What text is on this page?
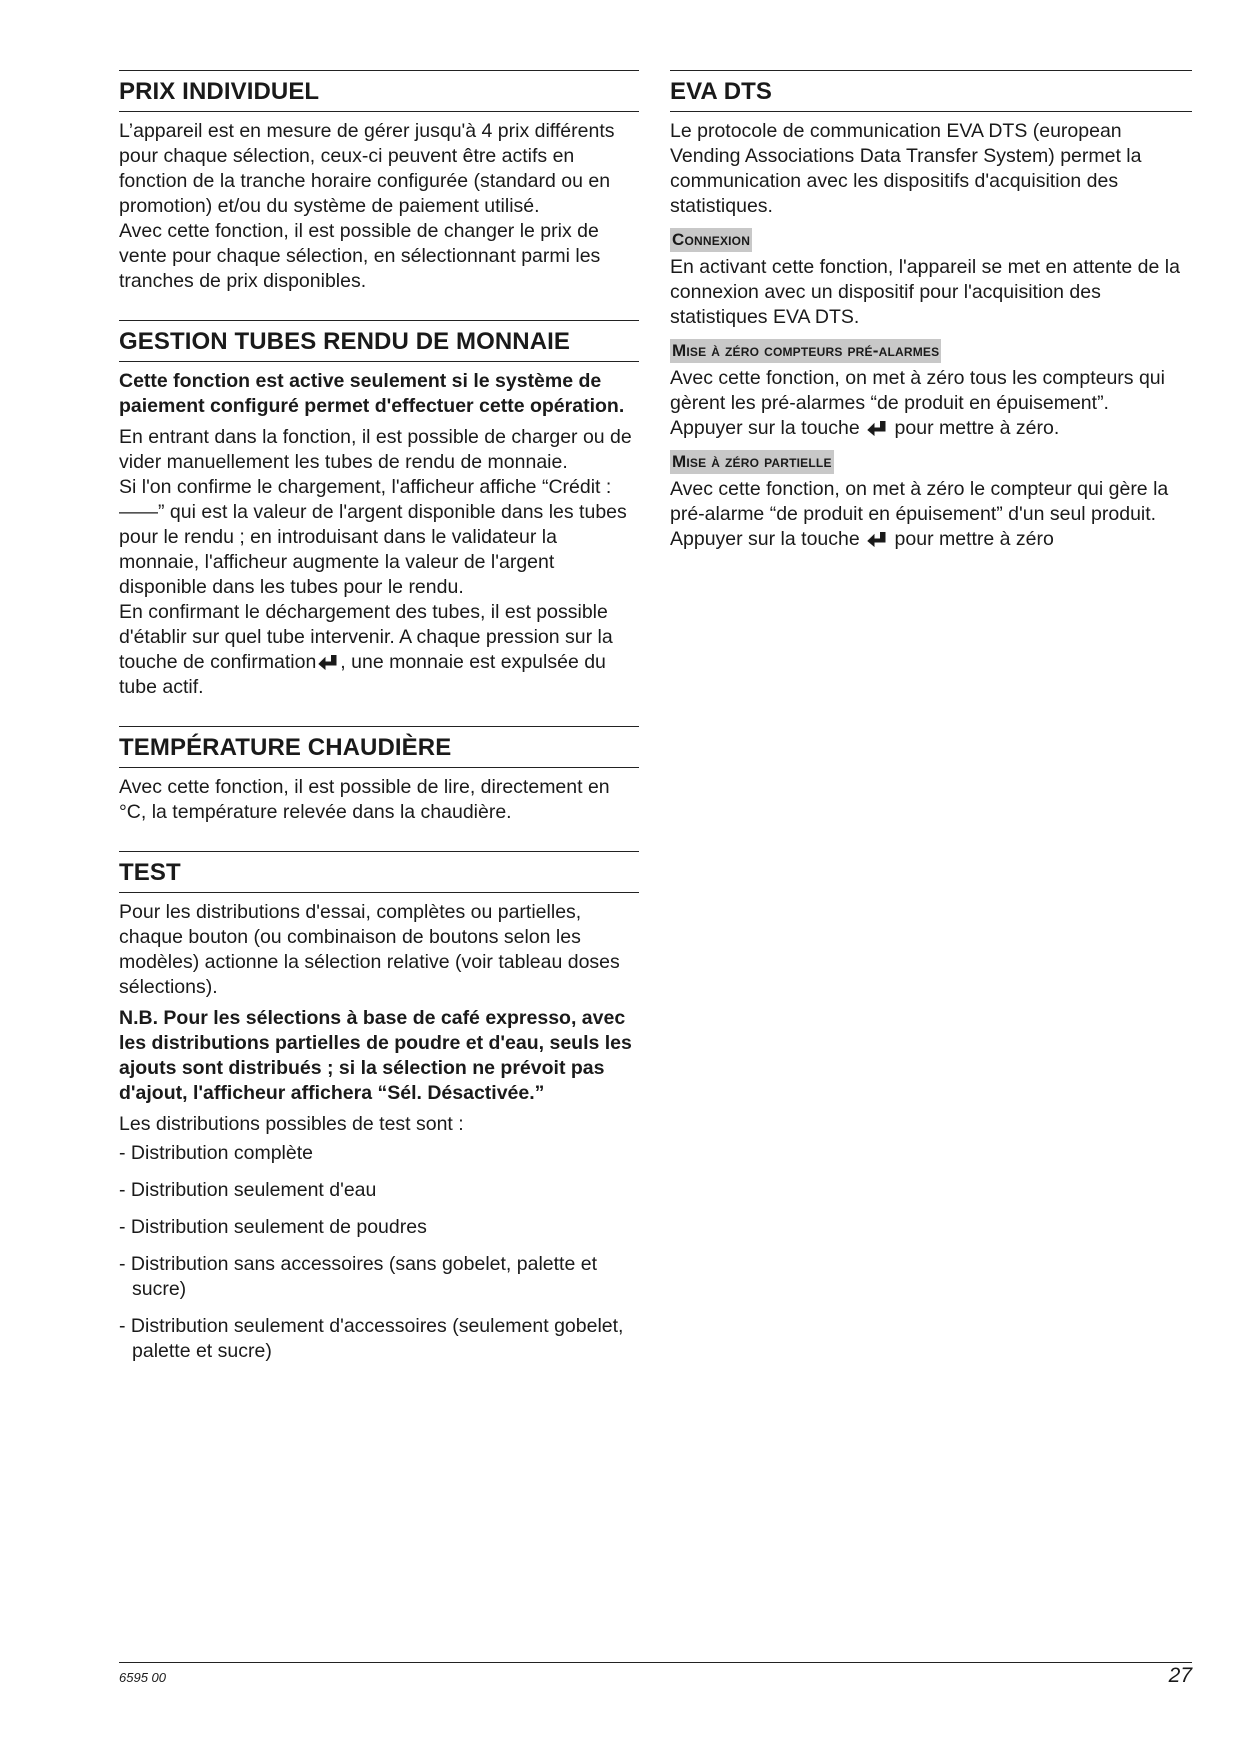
PRIX INDIVIDUEL

L’appareil est en mesure de gérer jusqu'à 4 prix différents pour chaque sélection, ceux-ci peuvent être actifs en fonction de la tranche horaire configurée (standard ou en promotion) et/ou du système de paiement utilisé.

Avec cette fonction, il est possible de changer le prix de vente pour chaque sélection, en sélectionnant parmi les tranches de prix disponibles.

GESTION TUBES RENDU DE MONNAIE

Cette fonction est active seulement si le système de paiement configuré permet d'effectuer cette opération.

En entrant dans la fonction, il est possible de charger ou de vider manuellement les tubes de rendu de monnaie.

Si l'on confirme le chargement, l'afficheur affiche “Crédit : ——” qui est la valeur de l'argent disponible dans les tubes pour le rendu ; en introduisant dans le validateur la monnaie, l'afficheur augmente la valeur de l'argent disponible dans les tubes pour le rendu.

En confirmant le déchargement des tubes, il est possible d'établir sur quel tube intervenir. A chaque pression sur la touche de confirmation , une monnaie est expulsée du tube actif.

TEMPÉRATURE CHAUDIÈRE

Avec cette fonction, il est possible de lire, directement en °C, la température relevée dans la chaudière.

TEST

Pour les distributions d'essai, complètes ou partielles, chaque bouton (ou combinaison de boutons selon les modèles) actionne la sélection relative (voir tableau doses sélections).

N.B. Pour les sélections à base de café expresso, avec les distributions partielles de poudre et d'eau, seuls les ajouts sont distribués ; si la sélection ne prévoit pas d'ajout, l'afficheur affichera “Sél. Désactivée.”

Les distributions possibles de test sont :

- Distribution complète
- Distribution seulement d'eau
- Distribution seulement de poudres
- Distribution sans accessoires (sans gobelet, palette et sucre)
- Distribution seulement d'accessoires (seulement gobelet, palette et sucre)
EVA DTS

Le protocole de communication EVA DTS (european Vending Associations Data Transfer System) permet la communication avec les dispositifs d'acquisition des statistiques.

Connexion

En activant cette fonction, l'appareil se met en attente de la connexion avec un dispositif pour l'acquisition des statistiques EVA DTS.

Mise à zéro compteurs pré-alarmes

Avec cette fonction, on met à zéro tous les compteurs qui gèrent les pré-alarmes “de produit en épuisement”.

Appuyer sur la touche pour mettre à zéro.

Mise à zéro partielle

Avec cette fonction, on met à zéro le compteur qui gère la pré-alarme “de produit en épuisement” d'un seul produit.

Appuyer sur la touche pour mettre à zéro

6595 00	27
